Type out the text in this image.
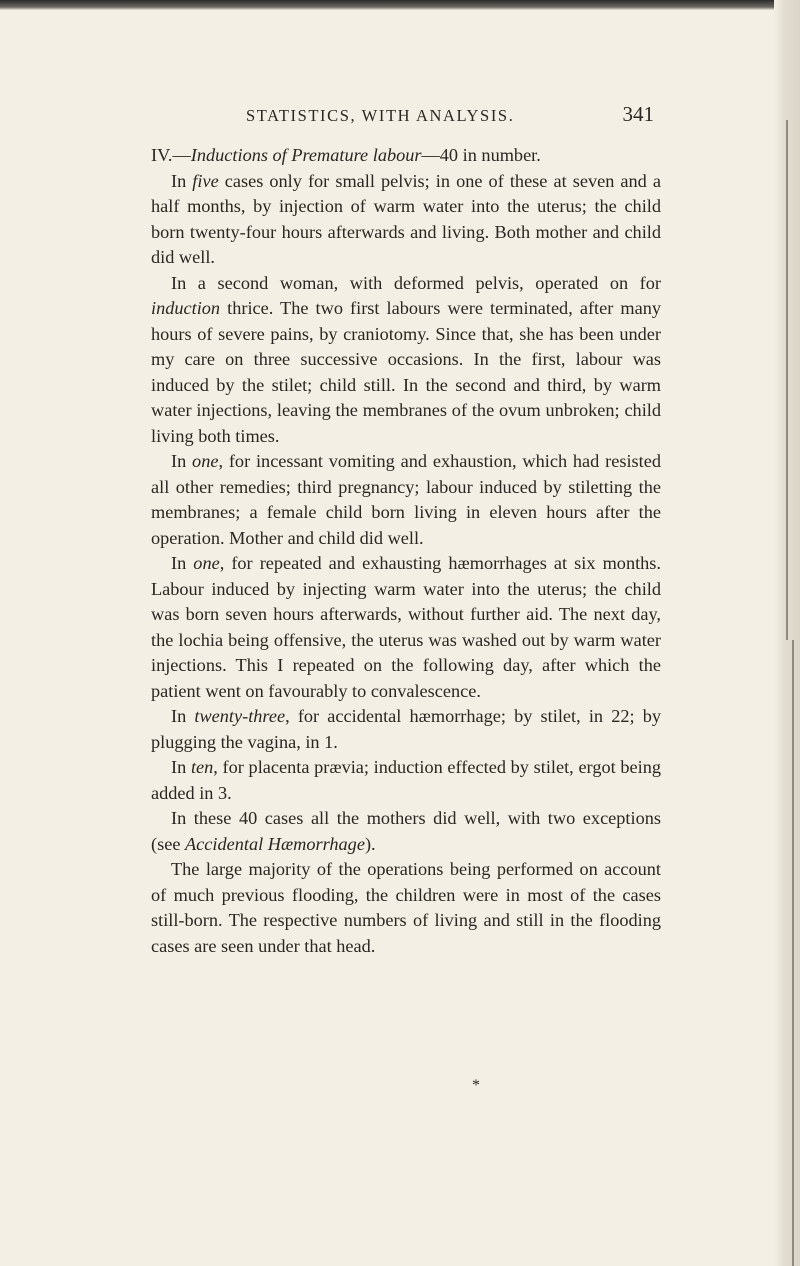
STATISTICS, WITH ANALYSIS.	341

IV.—Inductions of Premature labour—40 in number.

In five cases only for small pelvis; in one of these at seven and a half months, by injection of warm water into the uterus; the child born twenty-four hours afterwards and living. Both mother and child did well.

In a second woman, with deformed pelvis, operated on for induction thrice. The two first labours were terminated, after many hours of severe pains, by craniotomy. Since that, she has been under my care on three successive occasions. In the first, labour was induced by the stilet; child still. In the second and third, by warm water injections, leaving the membranes of the ovum unbroken; child living both times.

In one, for incessant vomiting and exhaustion, which had resisted all other remedies; third pregnancy; labour induced by stiletting the membranes; a female child born living in eleven hours after the operation. Mother and child did well.

In one, for repeated and exhausting hæmorrhages at six months. Labour induced by injecting warm water into the uterus; the child was born seven hours afterwards, without further aid. The next day, the lochia being offensive, the uterus was washed out by warm water injections. This I repeated on the following day, after which the patient went on favourably to convalescence.

In twenty-three, for accidental hæmorrhage; by stilet, in 22; by plugging the vagina, in 1.

In ten, for placenta prævia; induction effected by stilet, ergot being added in 3.

In these 40 cases all the mothers did well, with two exceptions (see Accidental Hæmorrhage).

The large majority of the operations being performed on account of much previous flooding, the children were in most of the cases still-born. The respective numbers of living and still in the flooding cases are seen under that head.

*
